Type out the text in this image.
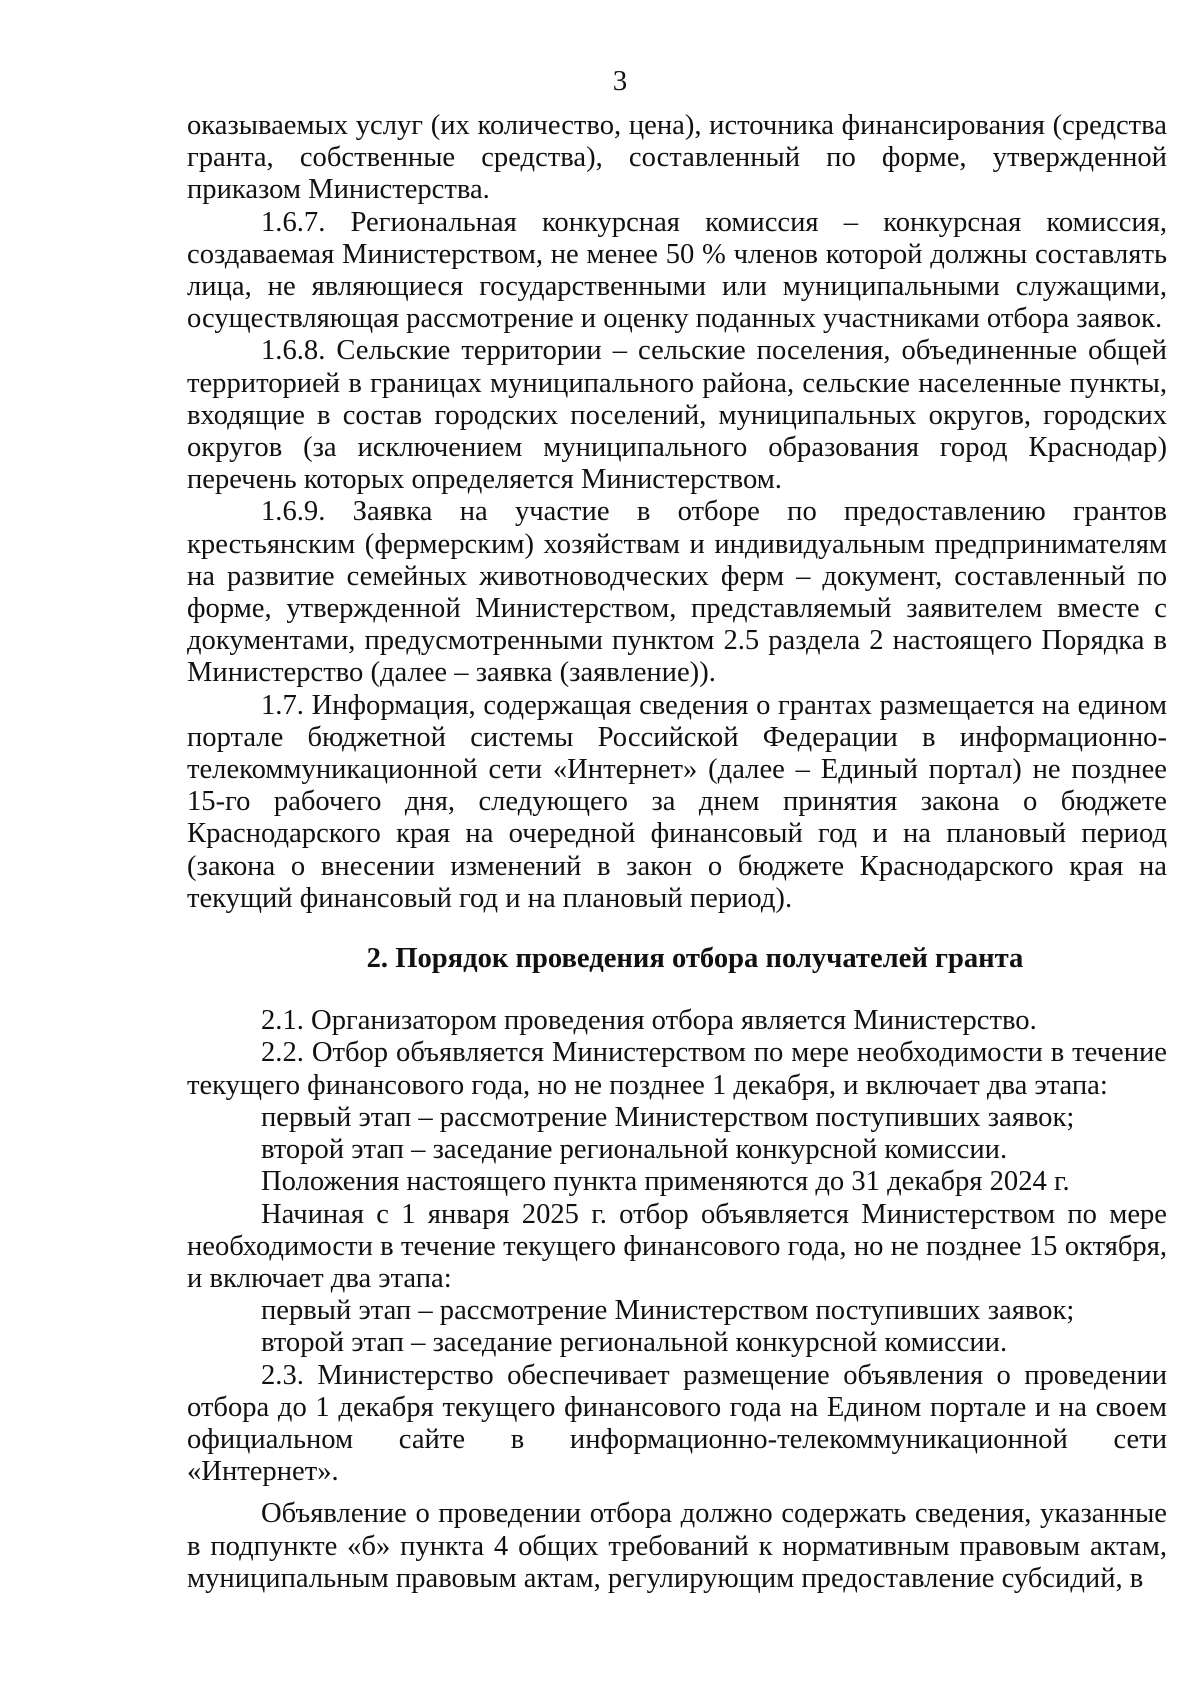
3

оказываемых услуг (их количество, цена), источника финансирования (средства гранта, собственные средства), составленный по форме, утвержденной приказом Министерства.

1.6.7. Региональная конкурсная комиссия – конкурсная комиссия, создаваемая Министерством, не менее 50 % членов которой должны составлять лица, не являющиеся государственными или муниципальными служащими, осуществляющая рассмотрение и оценку поданных участниками отбора заявок.

1.6.8. Сельские территории – сельские поселения, объединенные общей территорией в границах муниципального района, сельские населенные пункты, входящие в состав городских поселений, муниципальных округов, городских округов (за исключением муниципального образования город Краснодар) перечень которых определяется Министерством.

1.6.9. Заявка на участие в отборе по предоставлению грантов крестьянским (фермерским) хозяйствам и индивидуальным предпринимателям на развитие семейных животноводческих ферм – документ, составленный по форме, утвержденной Министерством, представляемый заявителем вместе с документами, предусмотренными пунктом 2.5 раздела 2 настоящего Порядка в Министерство (далее – заявка (заявление)).

1.7. Информация, содержащая сведения о грантах размещается на едином портале бюджетной системы Российской Федерации в информационно-телекоммуникационной сети «Интернет» (далее – Единый портал) не позднее 15-го рабочего дня, следующего за днем принятия закона о бюджете Краснодарского края на очередной финансовый год и на плановый период (закона о внесении изменений в закон о бюджете Краснодарского края на текущий финансовый год и на плановый период).

2. Порядок проведения отбора получателей гранта

2.1. Организатором проведения отбора является Министерство.

2.2. Отбор объявляется Министерством по мере необходимости в течение текущего финансового года, но не позднее 1 декабря, и включает два этапа:

первый этап – рассмотрение Министерством поступивших заявок;

второй этап – заседание региональной конкурсной комиссии.

Положения настоящего пункта применяются до 31 декабря 2024 г.

Начиная с 1 января 2025 г. отбор объявляется Министерством по мере необходимости в течение текущего финансового года, но не позднее 15 октября, и включает два этапа:

первый этап – рассмотрение Министерством поступивших заявок;

второй этап – заседание региональной конкурсной комиссии.

2.3. Министерство обеспечивает размещение объявления о проведении отбора до 1 декабря текущего финансового года на Едином портале и на своем официальном сайте в информационно-телекоммуникационной сети «Интернет».

Объявление о проведении отбора должно содержать сведения, указанные в подпункте «б» пункта 4 общих требований к нормативным правовым актам, муниципальным правовым актам, регулирующим предоставление субсидий, в
